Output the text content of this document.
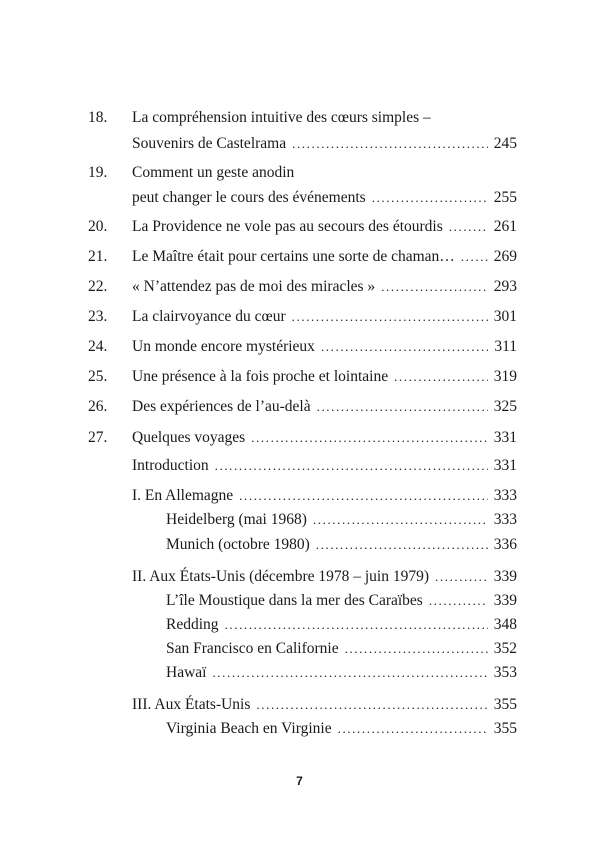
18. La compréhension intuitive des cœurs simples –
Souvenirs de Castelrama .....	245
19. Comment un geste anodin
peut changer le cours des événements .....	255
20. La Providence ne vole pas au secours des étourdis .....	261
21. Le Maître était pour certains une sorte de chaman… .....	269
22. « N’attendez pas de moi des miracles » .....	293
23. La clairvoyance du cœur .....	301
24. Un monde encore mystérieux .....	311
25. Une présence à la fois proche et lointaine .....	319
26. Des expériences de l’au-delà .....	325
27. Quelques voyages .....	331
Introduction .....	331
I. En Allemagne .....	333
Heidelberg (mai 1968) .....	333
Munich (octobre 1980) .....	336
II. Aux États-Unis (décembre 1978 – juin 1979) .....	339
L’île Moustique dans la mer des Caraïbes .....	339
Redding .....	348
San Francisco en Californie .....	352
Hawaï .....	353
III. Aux États-Unis .....	355
Virginia Beach en Virginie .....	355
7
